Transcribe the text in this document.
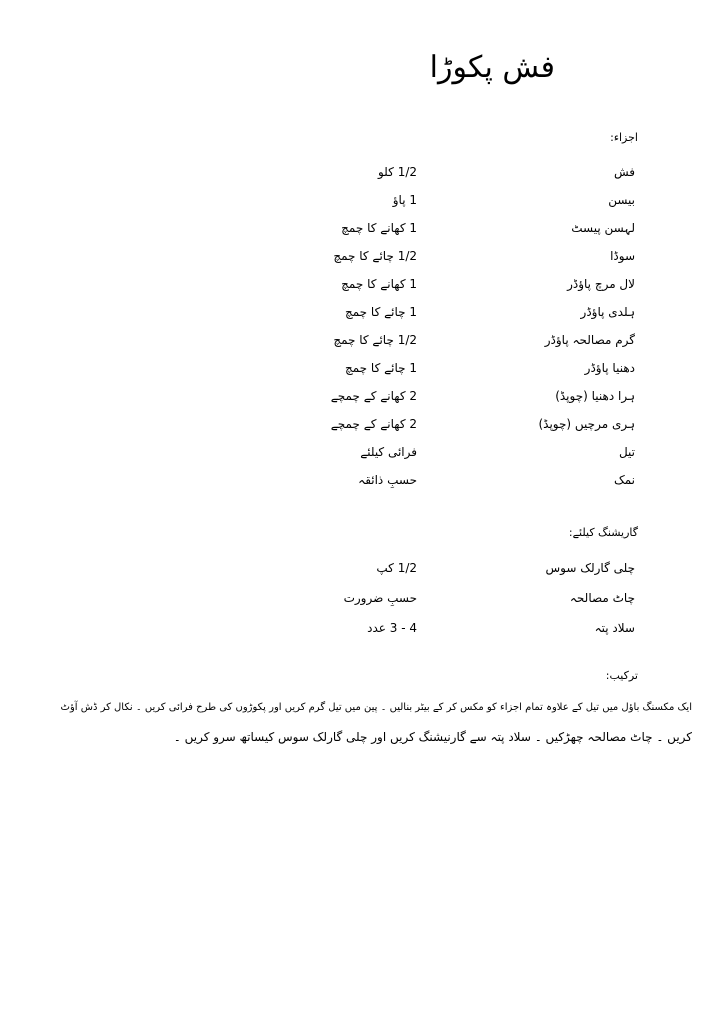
فش پکوڑا
اجزاء:
فش
1/2 کلو
بیسن
1 پاؤ
لہسن پیسٹ
1 کھانے کا چمچ
سوڈا
1/2 چائے کا چمچ
لال مرچ پاؤڈر
1 کھانے کا چمچ
ہلدی پاؤڈر
1 چائے کا چمچ
گرم مصالحہ پاؤڈر
1/2 چائے کا چمچ
دھنیا پاؤڈر
1 چائے کا چمچ
ہرا دھنیا (چوپڈ)
2 کھانے کے چمچے
ہری مرچیں (چوپڈ)
2 کھانے کے چمچے
تیل
فرائی کیلئے
نمک
حسبِ ذائقہ
گاریشنگ کیلئے:
چلی گارلک سوس
1/2 کپ
چاٹ مصالحہ
حسبِ ضرورت
سلاد پتہ
4 - 3 عدد
ترکیب:
ایک مکسنگ باؤل میں تیل کے علاوہ تمام اجزاء کو مکس کر کے بیٹر بنالیں ۔ پین میں تیل گرم کریں اور پکوڑوں کی طرح فرائی کریں ۔ نکال کر ڈش آؤٹ
کریں ۔ چاٹ مصالحہ چھڑکیں ۔ سلاد پتہ سے گارنیشنگ کریں اور چلی گارلک سوس کیساتھ سرو کریں ۔
